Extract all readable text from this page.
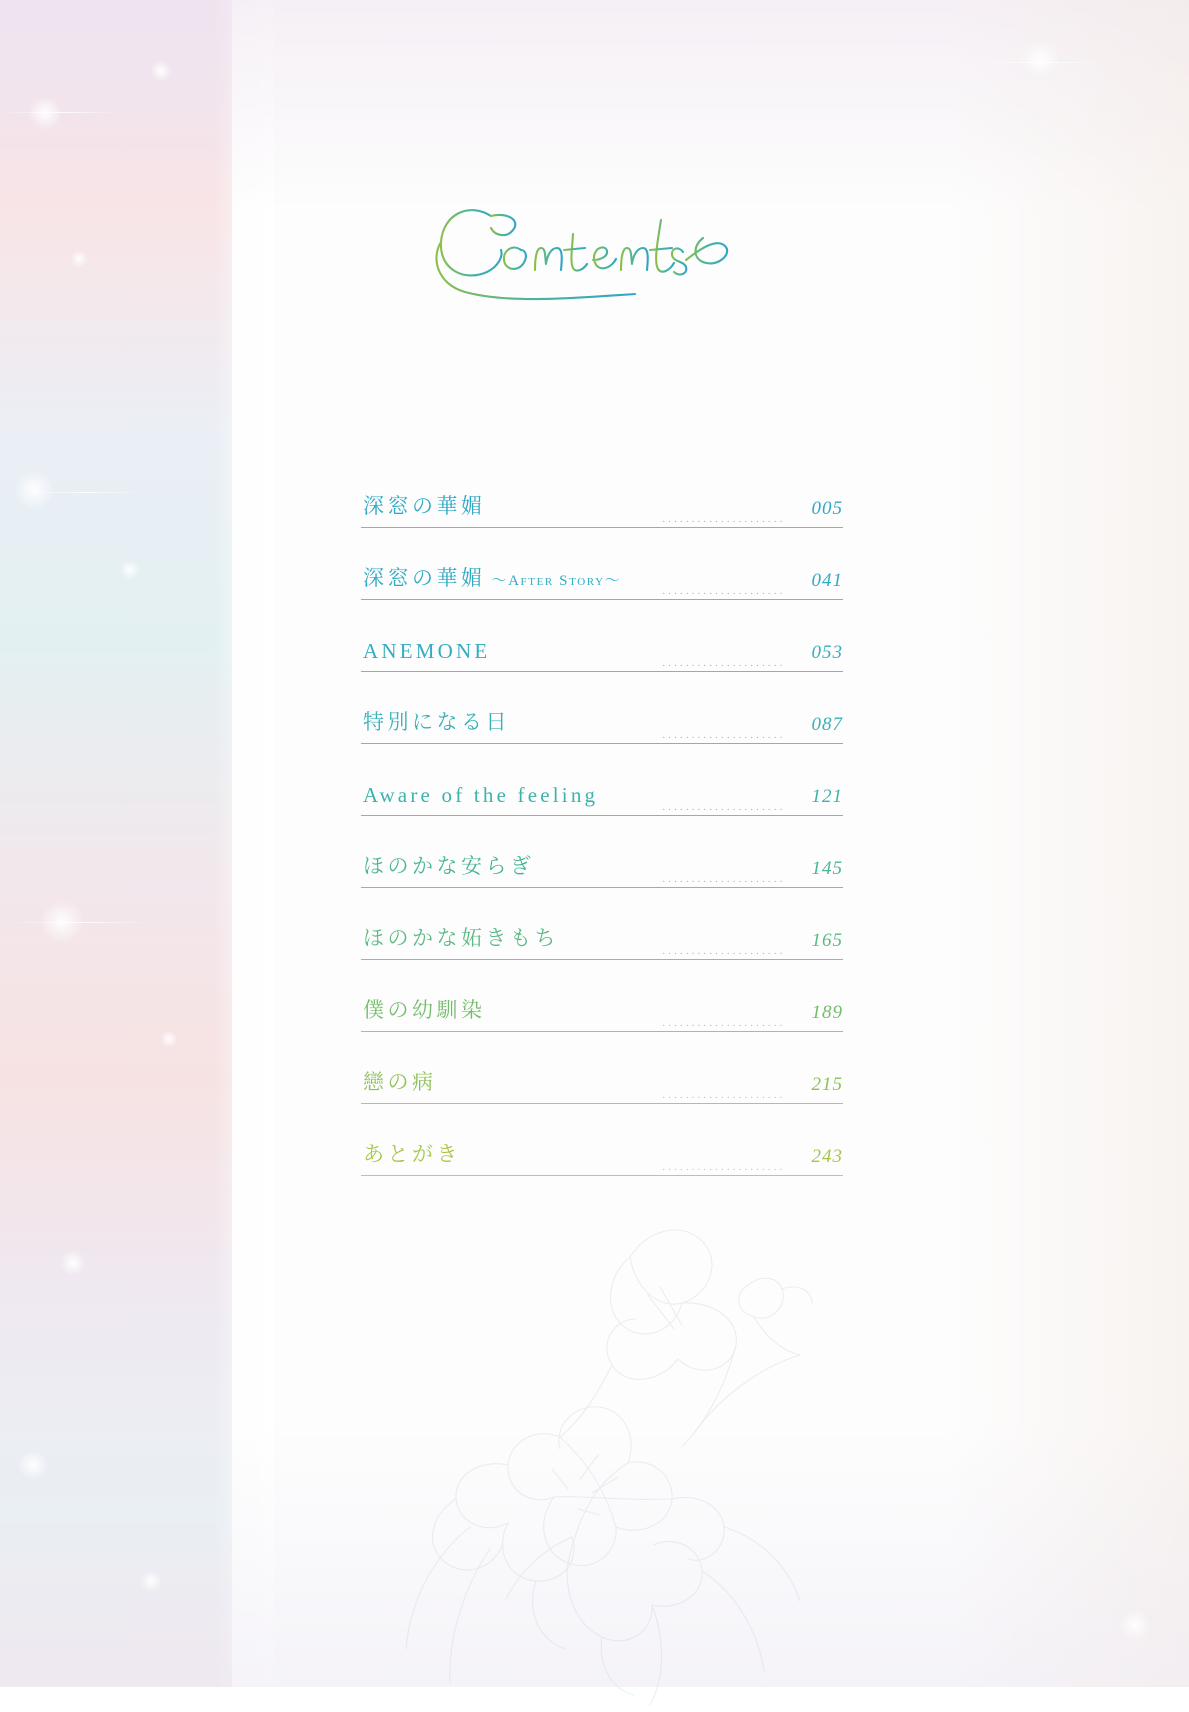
深窓の華媚
·····················
005
深窓の華媚 〜After Story〜
·····················
041
ANEMONE
·····················
053
特別になる日
·····················
087
Aware of the feeling
·····················
121
ほのかな安らぎ
·····················
145
ほのかな妬きもち
·····················
165
僕の幼馴染
·····················
189
戀の病
·····················
215
あとがき
·····················
243
